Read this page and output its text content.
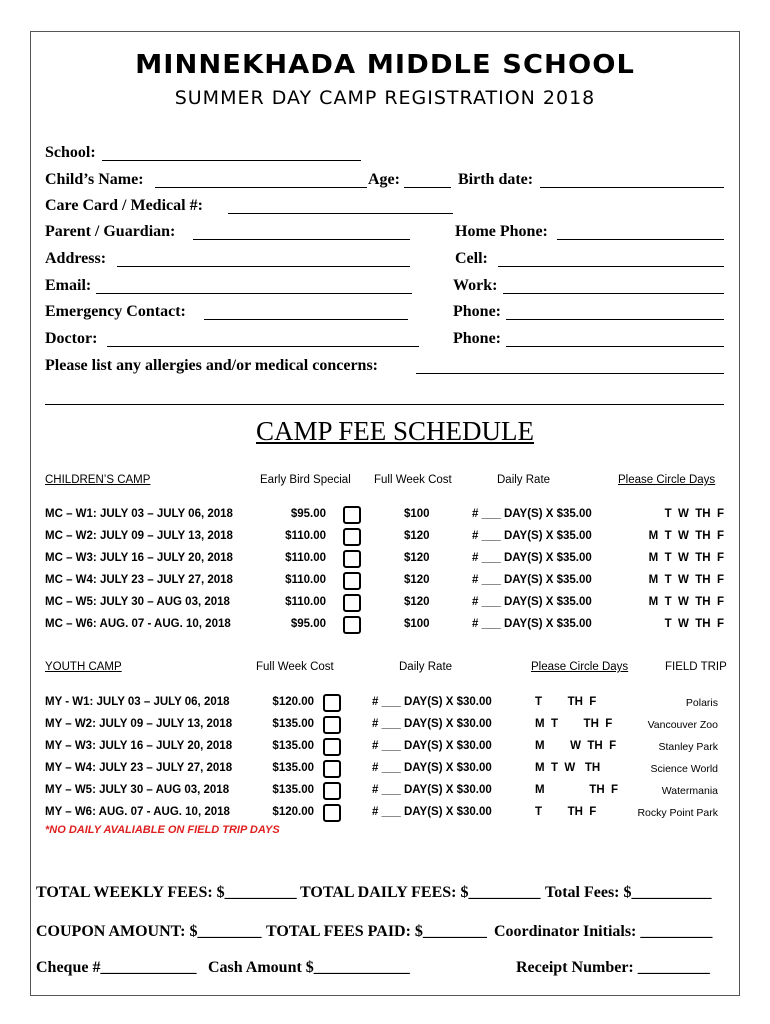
MINNEKHADA MIDDLE SCHOOL
SUMMER DAY CAMP REGISTRATION 2018
School:
Child’s Name:	Age:	Birth date:
Care Card / Medical #:
Parent / Guardian:	Home Phone:
Address:	Cell:
Email:	Work:
Emergency Contact:	Phone:
Doctor:	Phone:
Please list any allergies and/or medical concerns:
CAMP FEE SCHEDULE
CHILDREN’S CAMP	Early Bird Special Full Week Cost	Daily Rate	Please Circle Days
MC – W1: JULY 03 – JULY 06, 2018	$95.00	$100	# ___ DAY(S) X $35.00	T  W  TH  F
MC – W2: JULY 09 – JULY 13, 2018	$110.00	$120	# ___ DAY(S) X $35.00	M  T  W  TH  F
MC – W3: JULY 16 – JULY 20, 2018	$110.00	$120	# ___ DAY(S) X $35.00	M  T  W  TH  F
MC – W4: JULY 23 – JULY 27, 2018	$110.00	$120	# ___ DAY(S) X $35.00	M  T  W  TH  F
MC – W5: JULY 30 – AUG 03, 2018	$110.00	$120	# ___ DAY(S) X $35.00	M  T  W  TH  F
MC – W6: AUG. 07 - AUG. 10, 2018	$95.00	$100	# ___ DAY(S) X $35.00	T  W  TH  F
YOUTH CAMP	Full Week Cost	Daily Rate	Please Circle Days	FIELD TRIP
MY - W1: JULY 03 – JULY 06, 2018	$120.00	# ___ DAY(S) X $30.00	T        TH  F	Polaris
MY – W2: JULY 09 – JULY 13, 2018	$135.00	# ___ DAY(S) X $30.00	M  T        TH  F	Vancouver Zoo
MY – W3: JULY 16 – JULY 20, 2018	$135.00	# ___ DAY(S) X $30.00	M        W  TH  F	Stanley Park
MY – W4: JULY 23 – JULY 27, 2018	$135.00	# ___ DAY(S) X $30.00	M  T  W   TH	Science World
MY – W5: JULY 30 – AUG 03, 2018	$135.00	# ___ DAY(S) X $30.00	M              TH  F	Watermania
MY – W6: AUG. 07 - AUG. 10, 2018	$120.00	# ___ DAY(S) X $30.00	T        TH  F	Rocky Point Park
*NO DAILY AVALIABLE ON FIELD TRIP DAYS
TOTAL WEEKLY FEES: $_________ TOTAL DAILY FEES: $_________ Total Fees: $__________
COUPON AMOUNT: $________ TOTAL FEES PAID: $________ Coordinator Initials: _________
Cheque #____________ Cash Amount $____________	Receipt Number: _________
